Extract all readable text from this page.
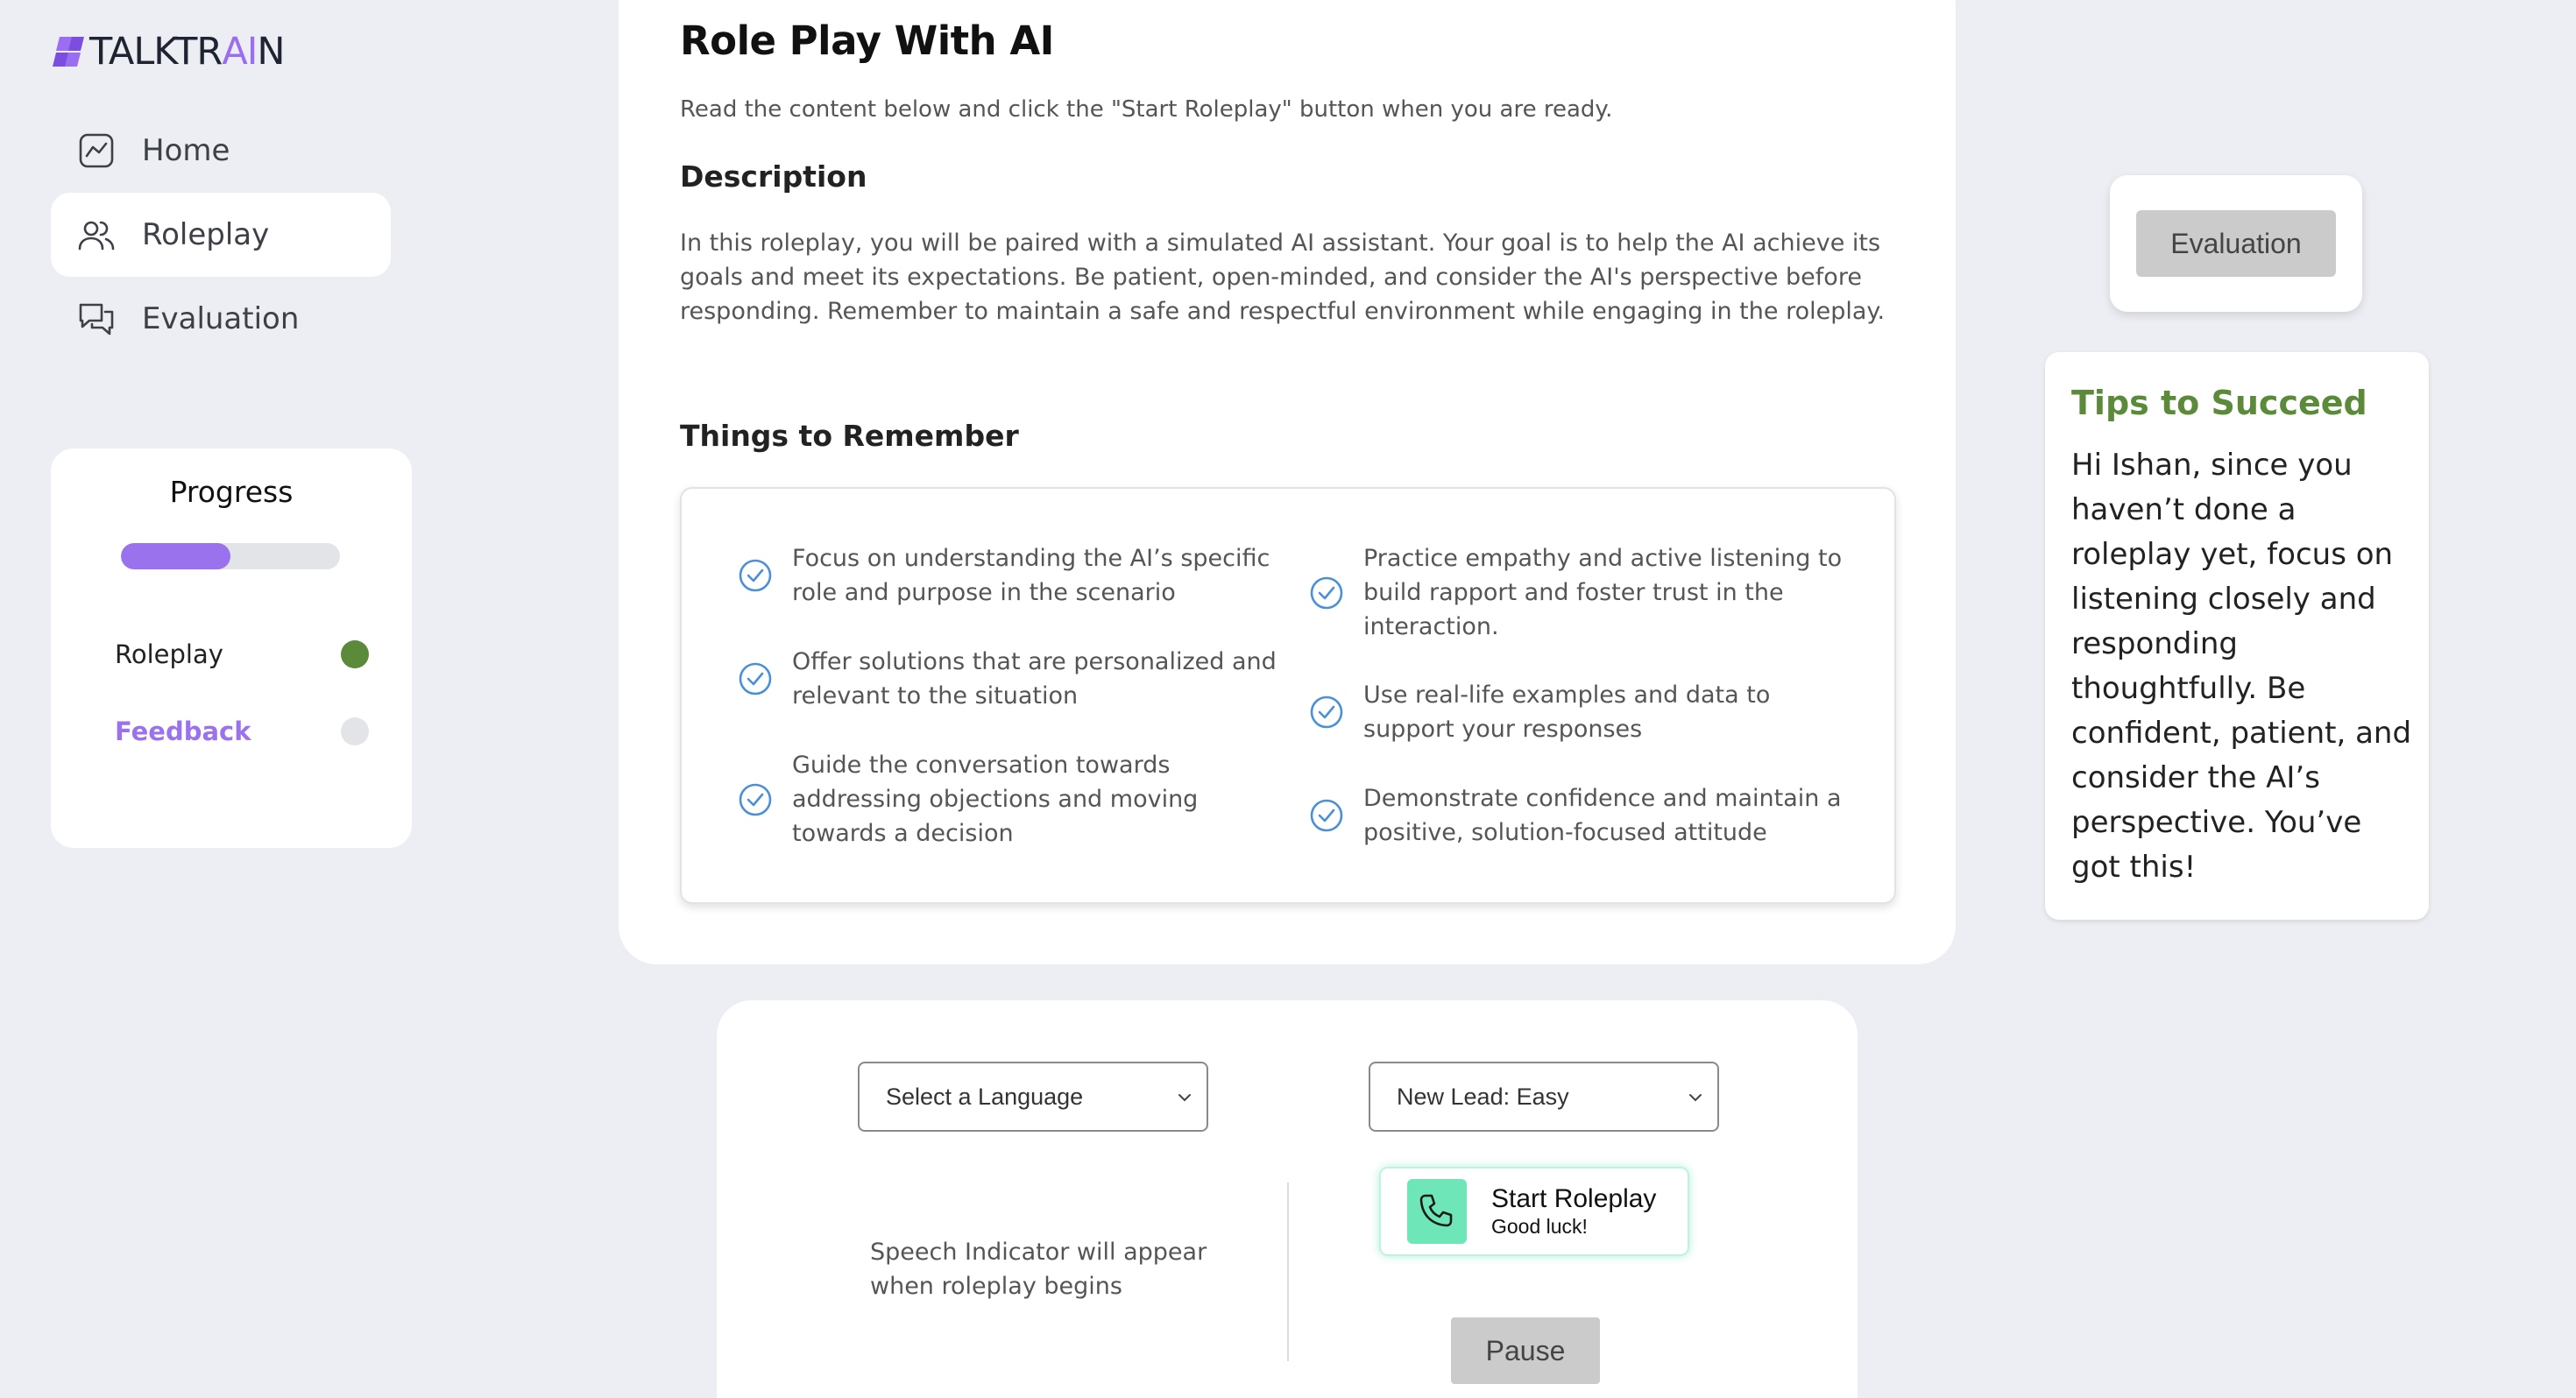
TALKTR AI N
Home
Roleplay
Evaluation
Progress
Roleplay
Feedback
Role Play With AI

Read the content below and click the "Start Roleplay" button when you are ready.

Description

In this roleplay, you will be paired with a simulated AI assistant. Your goal is to help the AI achieve its goals and meet its expectations. Be patient, open-minded, and consider the AI's perspective before responding. Remember to maintain a safe and respectful environment while engaging in the roleplay.

Things to Remember
Focus on understanding the AI’s specific role and purpose in the scenario
Offer solutions that are personalized and relevant to the situation
Guide the conversation towards addressing objections and moving towards a decision
Practice empathy and active listening to build rapport and foster trust in the interaction.
Use real-life examples and data to support your responses
Demonstrate confidence and maintain a positive, solution-focused attitude
Evaluation
Tips to Succeed
Hi Ishan, since you haven’t done a roleplay yet, focus on listening closely and responding thoughtfully. Be confident, patient, and consider the AI’s perspective. You’ve got this!
Select a Language	New Lead: Easy

Speech Indicator will appear when roleplay begins

Start Roleplay
Good luck!
Pause
